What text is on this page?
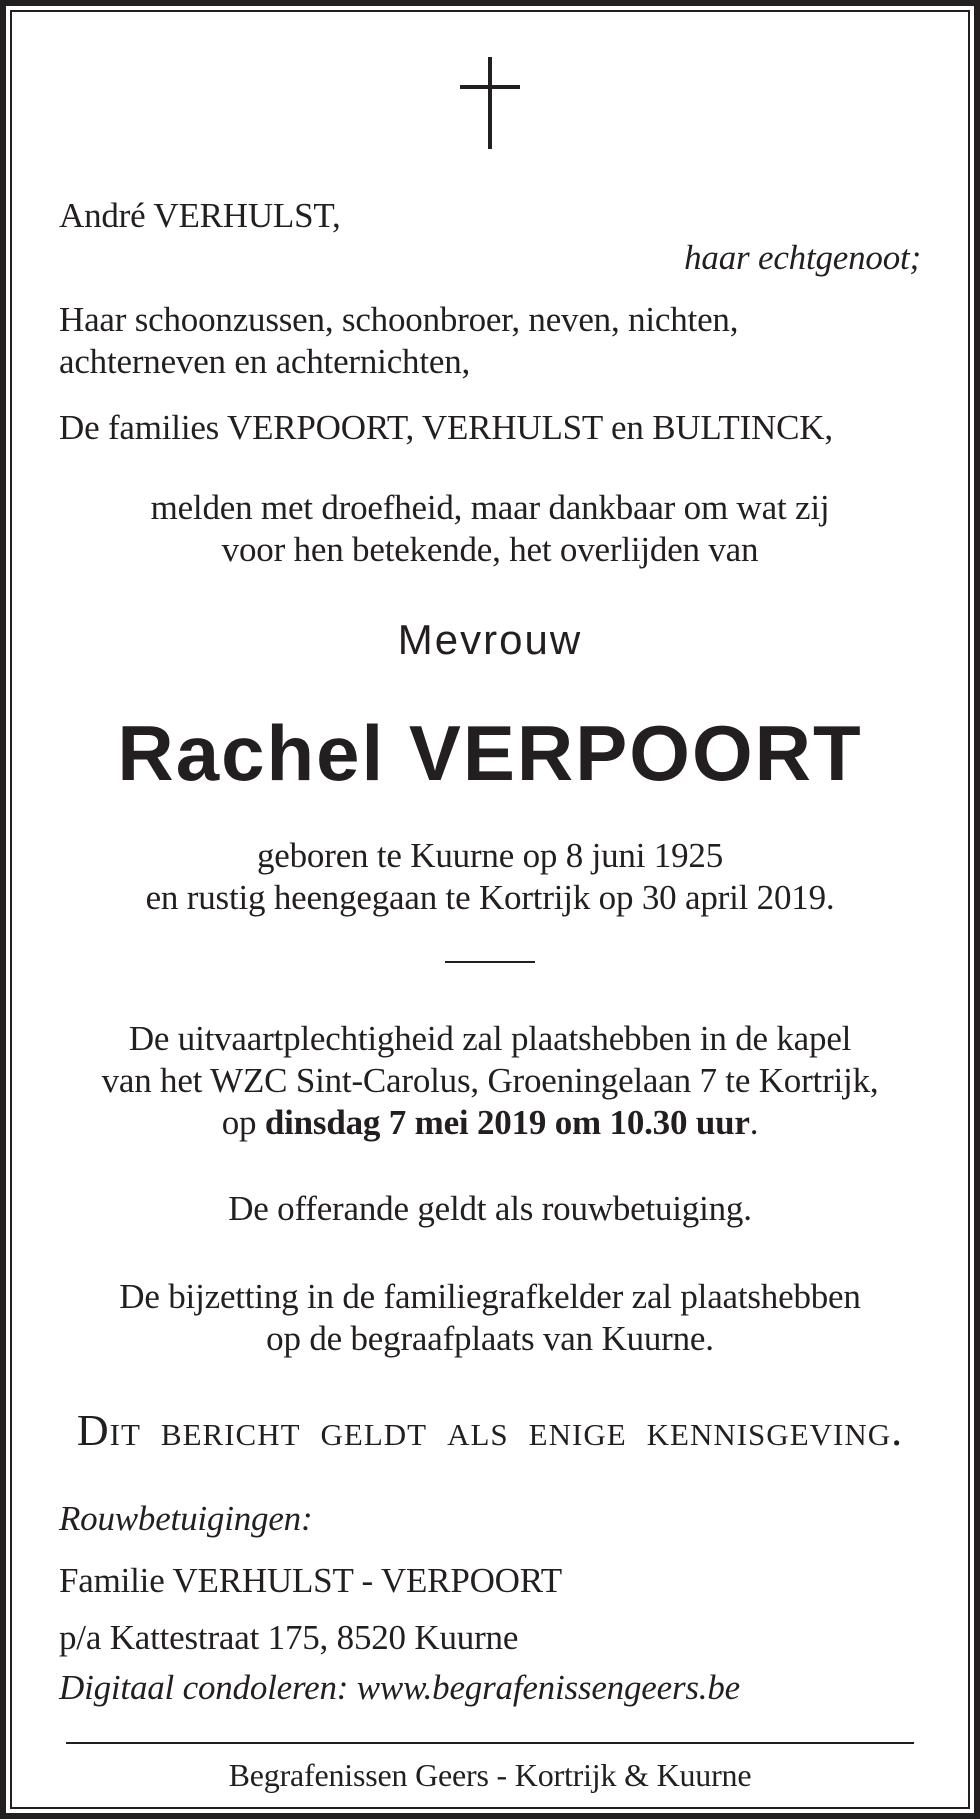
André VERHULST,

haar echtgenoot;

Haar schoonzussen, schoonbroer, neven, nichten,

achterneven en achternichten,

De families VERPOORT, VERHULST en BULTINCK,

melden met droefheid, maar dankbaar om wat zij

voor hen betekende, het overlijden van

Mevrouw

Rachel VERPOORT

geboren te Kuurne op 8 juni 1925

en rustig heengegaan te Kortrijk op 30 april 2019.

De uitvaartplechtigheid zal plaatshebben in de kapel

van het WZC Sint-Carolus, Groeningelaan 7 te Kortrijk,

op dinsdag 7 mei 2019 om 10.30 uur.

De offerande geldt als rouwbetuiging.

De bijzetting in de familiegrafkelder zal plaatshebben

op de begraafplaats van Kuurne.

Dit bericht geldt als enige kennisgeving.

Rouwbetuigingen:

Familie VERHULST - VERPOORT

p/a Kattestraat 175, 8520 Kuurne

Digitaal condoleren: www.begrafenissengeers.be

Begrafenissen Geers - Kortrijk & Kuurne
